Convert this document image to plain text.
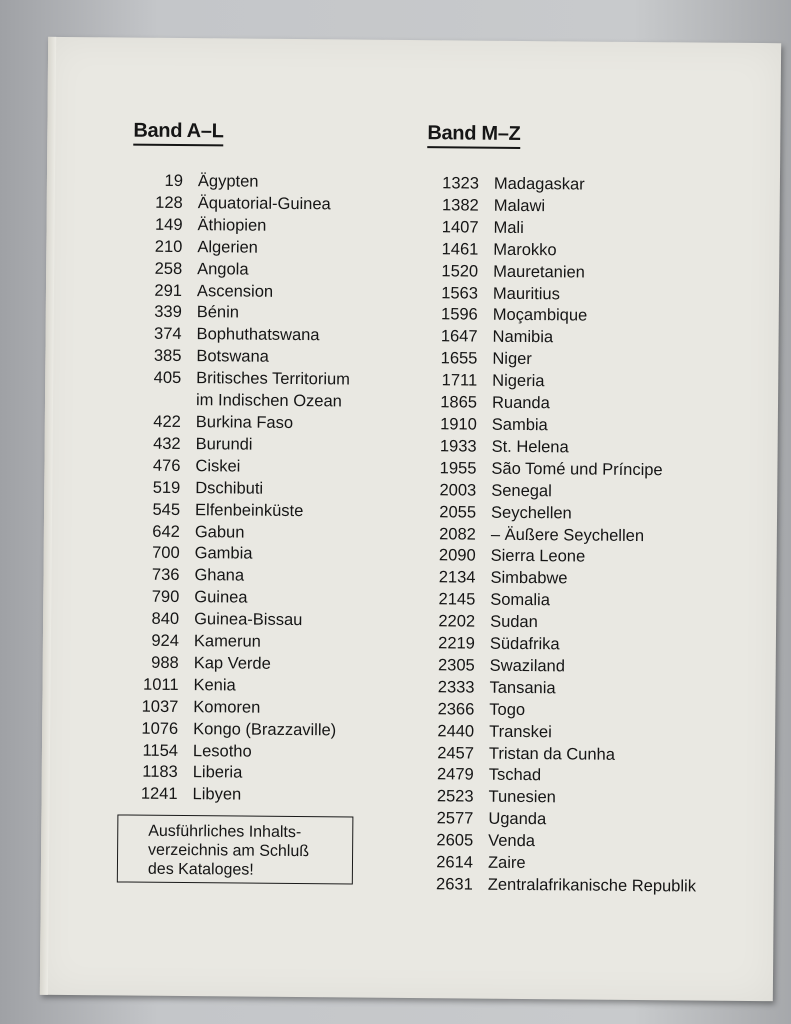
Band A–L
19 Ägypten
128 Äquatorial-Guinea
149 Äthiopien
210 Algerien
258 Angola
291 Ascension
339 Bénin
374 Bophuthatswana
385 Botswana
405 Britisches Territorium im Indischen Ozean
422 Burkina Faso
432 Burundi
476 Ciskei
519 Dschibuti
545 Elfenbeinküste
642 Gabun
700 Gambia
736 Ghana
790 Guinea
840 Guinea-Bissau
924 Kamerun
988 Kap Verde
1011 Kenia
1037 Komoren
1076 Kongo (Brazzaville)
1154 Lesotho
1183 Liberia
1241 Libyen
Band M–Z
1323 Madagaskar
1382 Malawi
1407 Mali
1461 Marokko
1520 Mauretanien
1563 Mauritius
1596 Moçambique
1647 Namibia
1655 Niger
1711 Nigeria
1865 Ruanda
1910 Sambia
1933 St. Helena
1955 São Tomé und Príncipe
2003 Senegal
2055 Seychellen
2082 – Äußere Seychellen
2090 Sierra Leone
2134 Simbabwe
2145 Somalia
2202 Sudan
2219 Südafrika
2305 Swaziland
2333 Tansania
2366 Togo
2440 Transkei
2457 Tristan da Cunha
2479 Tschad
2523 Tunesien
2577 Uganda
2605 Venda
2614 Zaire
2631 Zentralafrikanische Republik
Ausführliches Inhalts-
verzeichnis am Schluß
des Kataloges!
